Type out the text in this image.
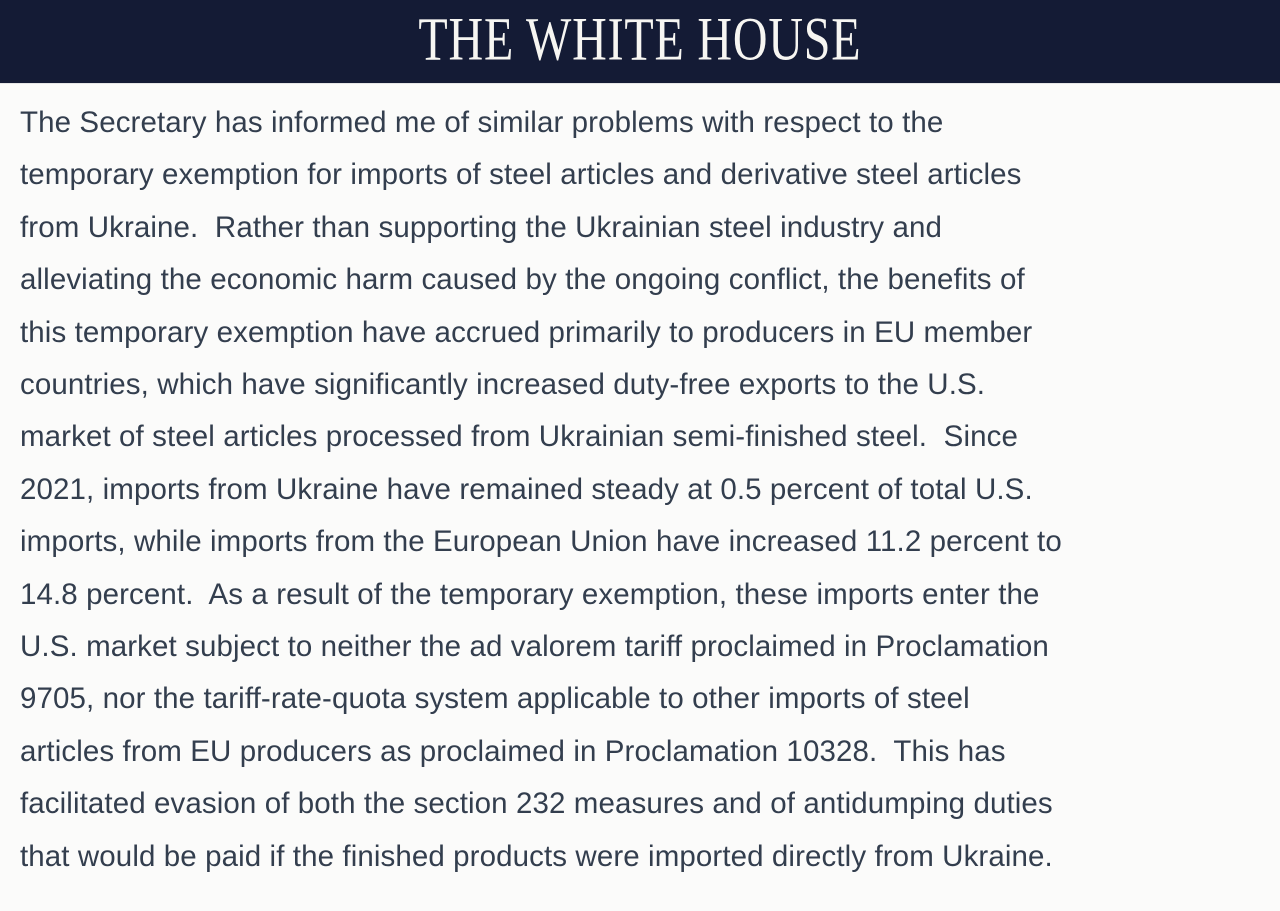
THE WHITE HOUSE
The Secretary has informed me of similar problems with respect to the
temporary exemption for imports of steel articles and derivative steel articles
from Ukraine.  Rather than supporting the Ukrainian steel industry and
alleviating the economic harm caused by the ongoing conflict, the benefits of
this temporary exemption have accrued primarily to producers in EU member
countries, which have significantly increased duty-free exports to the U.S.
market of steel articles processed from Ukrainian semi-finished steel.  Since
2021, imports from Ukraine have remained steady at 0.5 percent of total U.S.
imports, while imports from the European Union have increased 11.2 percent to
14.8 percent.  As a result of the temporary exemption, these imports enter the
U.S. market subject to neither the ad valorem tariff proclaimed in Proclamation
9705, nor the tariff-rate-quota system applicable to other imports of steel
articles from EU producers as proclaimed in Proclamation 10328.  This has
facilitated evasion of both the section 232 measures and of antidumping duties
that would be paid if the finished products were imported directly from Ukraine.
